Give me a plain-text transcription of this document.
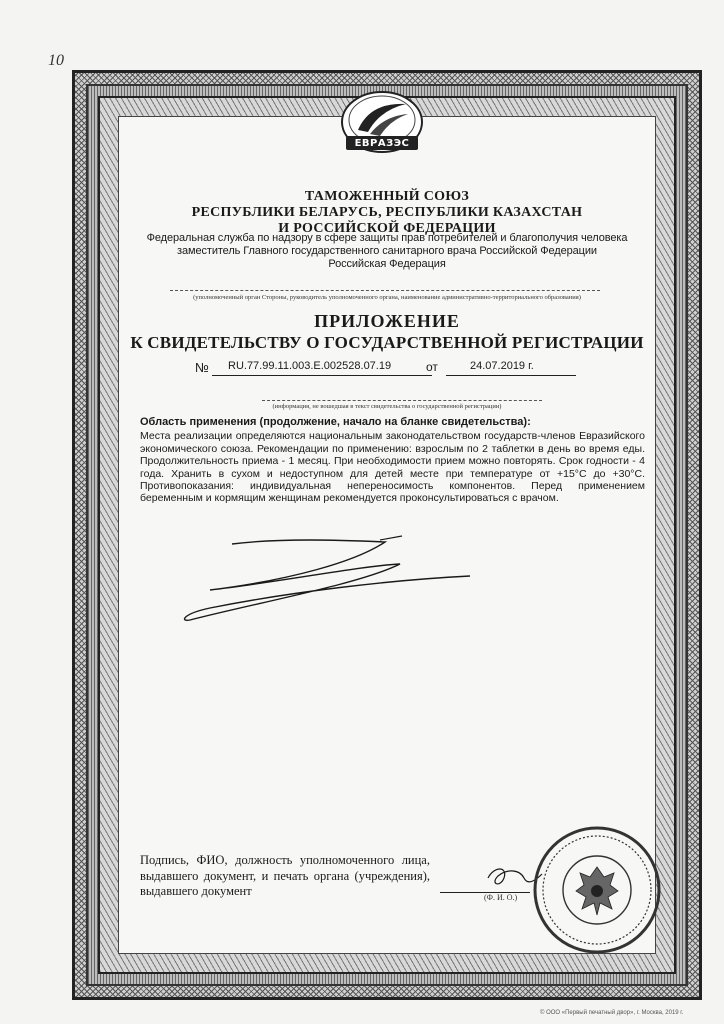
10
ЕВРАЗЭС
ТАМОЖЕННЫЙ СОЮЗ
РЕСПУБЛИКИ БЕЛАРУСЬ, РЕСПУБЛИКИ КАЗАХСТАН
И РОССИЙСКОЙ ФЕДЕРАЦИИ
Федеральная служба по надзору в сфере защиты прав потребителей и благополучия человека
заместитель Главного государственного санитарного врача Российской Федерации
Российская Федерация
(уполномоченный орган Стороны, руководитель уполномоченного органа, наименование административно-территориального образования)
ПРИЛОЖЕНИЕ
К СВИДЕТЕЛЬСТВУ О ГОСУДАРСТВЕННОЙ РЕГИСТРАЦИИ
№ RU.77.99.11.003.Е.002528.07.19	от	24.07.2019 г.
(информация, не вошедшая в текст свидетельства о государственной регистрации)
Область применения (продолжение, начало на бланке свидетельства):
Места реализации определяются национальным законодательством государств-членов Евразийского экономического союза. Рекомендации по применению: взрослым по 2 таблетки в день во время еды. Продолжительность приема - 1 месяц. При необходимости прием можно повторять. Срок годности - 4 года. Хранить в сухом и недоступном для детей месте при температуре от +15°С до +30°С. Противопоказания: индивидуальная непереносимость компонентов. Перед применением беременным и кормящим женщинам рекомендуется проконсультироваться с врачом.
Подпись, ФИО, должность уполномоченного лица, выдавшего документ, и печать органа (учреждения), выдавшего документ	(Ф. И. О.)
© ООО «Первый печатный двор», г. Москва, 2019 г.
